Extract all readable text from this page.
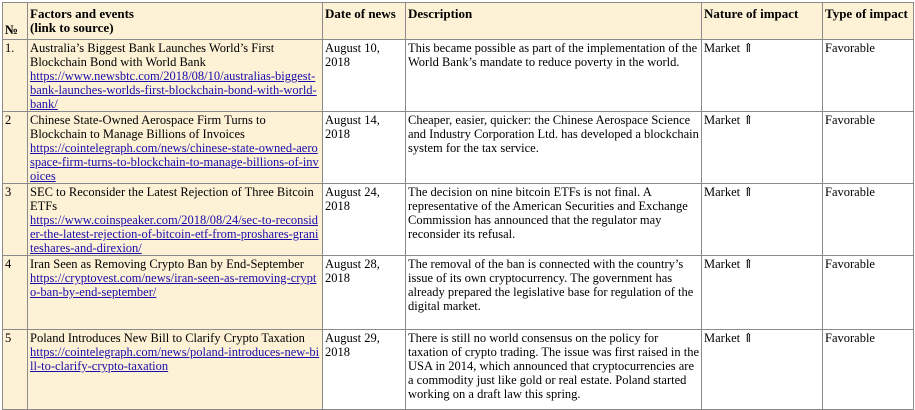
№	Factors and events
(link to source)	Date of news	Description	Nature of impact	Type of impact
1.	Australia’s Biggest Bank Launches World’s First Blockchain Bond with World Bank
https://www.newsbtc.com/2018/08/10/australias-biggest-bank-launches-worlds-first-blockchain-bond-with-world-bank/	August 10, 2018	This became possible as part of the implementation of the World Bank’s mandate to reduce poverty in the world.	Market ⇑	Favorable
2	Chinese State-Owned Aerospace Firm Turns to Blockchain to Manage Billions of Invoices
https://cointelegraph.com/news/chinese-state-owned-aerospace-firm-turns-to-blockchain-to-manage-billions-of-invoices	August 14, 2018	Cheaper, easier, quicker: the Chinese Aerospace Science and Industry Corporation Ltd. has developed a blockchain system for the tax service.	Market ⇑	Favorable
3	SEC to Reconsider the Latest Rejection of Three Bitcoin ETFs
https://www.coinspeaker.com/2018/08/24/sec-to-reconsider-the-latest-rejection-of-bitcoin-etf-from-proshares-graniteshares-and-direxion/	August 24, 2018	The decision on nine bitcoin ETFs is not final. A representative of the American Securities and Exchange Commission has announced that the regulator may reconsider its refusal.	Market ⇑	Favorable
4	Iran Seen as Removing Crypto Ban by End-September
https://cryptovest.com/news/iran-seen-as-removing-crypto-ban-by-end-september/	August 28, 2018	The removal of the ban is connected with the country’s issue of its own cryptocurrency. The government has already prepared the legislative base for regulation of the digital market.	Market ⇑	Favorable
5	Poland Introduces New Bill to Clarify Crypto Taxation
https://cointelegraph.com/news/poland-introduces-new-bill-to-clarify-crypto-taxation	August 29, 2018	There is still no world consensus on the policy for taxation of crypto trading. The issue was first raised in the USA in 2014, which announced that cryptocurrencies are a commodity just like gold or real estate. Poland started working on a draft law this spring.	Market ⇑	Favorable
